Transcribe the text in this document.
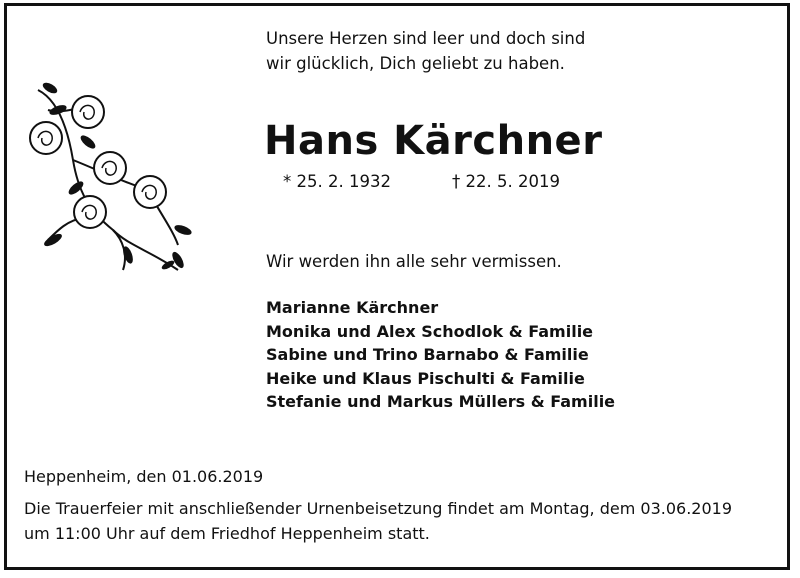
Unsere Herzen sind leer und doch sind
wir glücklich, Dich geliebt zu haben.
Hans Kärchner
* 25. 2. 1932	† 22. 5. 2019
Wir werden ihn alle sehr vermissen.
Marianne Kärchner
Monika und Alex Schodlok & Familie
Sabine und Trino Barnabo & Familie
Heike und Klaus Pischulti & Familie
Stefanie und Markus Müllers & Familie
Heppenheim, den 01.06.2019
Die Trauerfeier mit anschließender Urnenbeisetzung findet am Montag, dem 03.06.2019
um 11:00 Uhr auf dem Friedhof Heppenheim statt.
